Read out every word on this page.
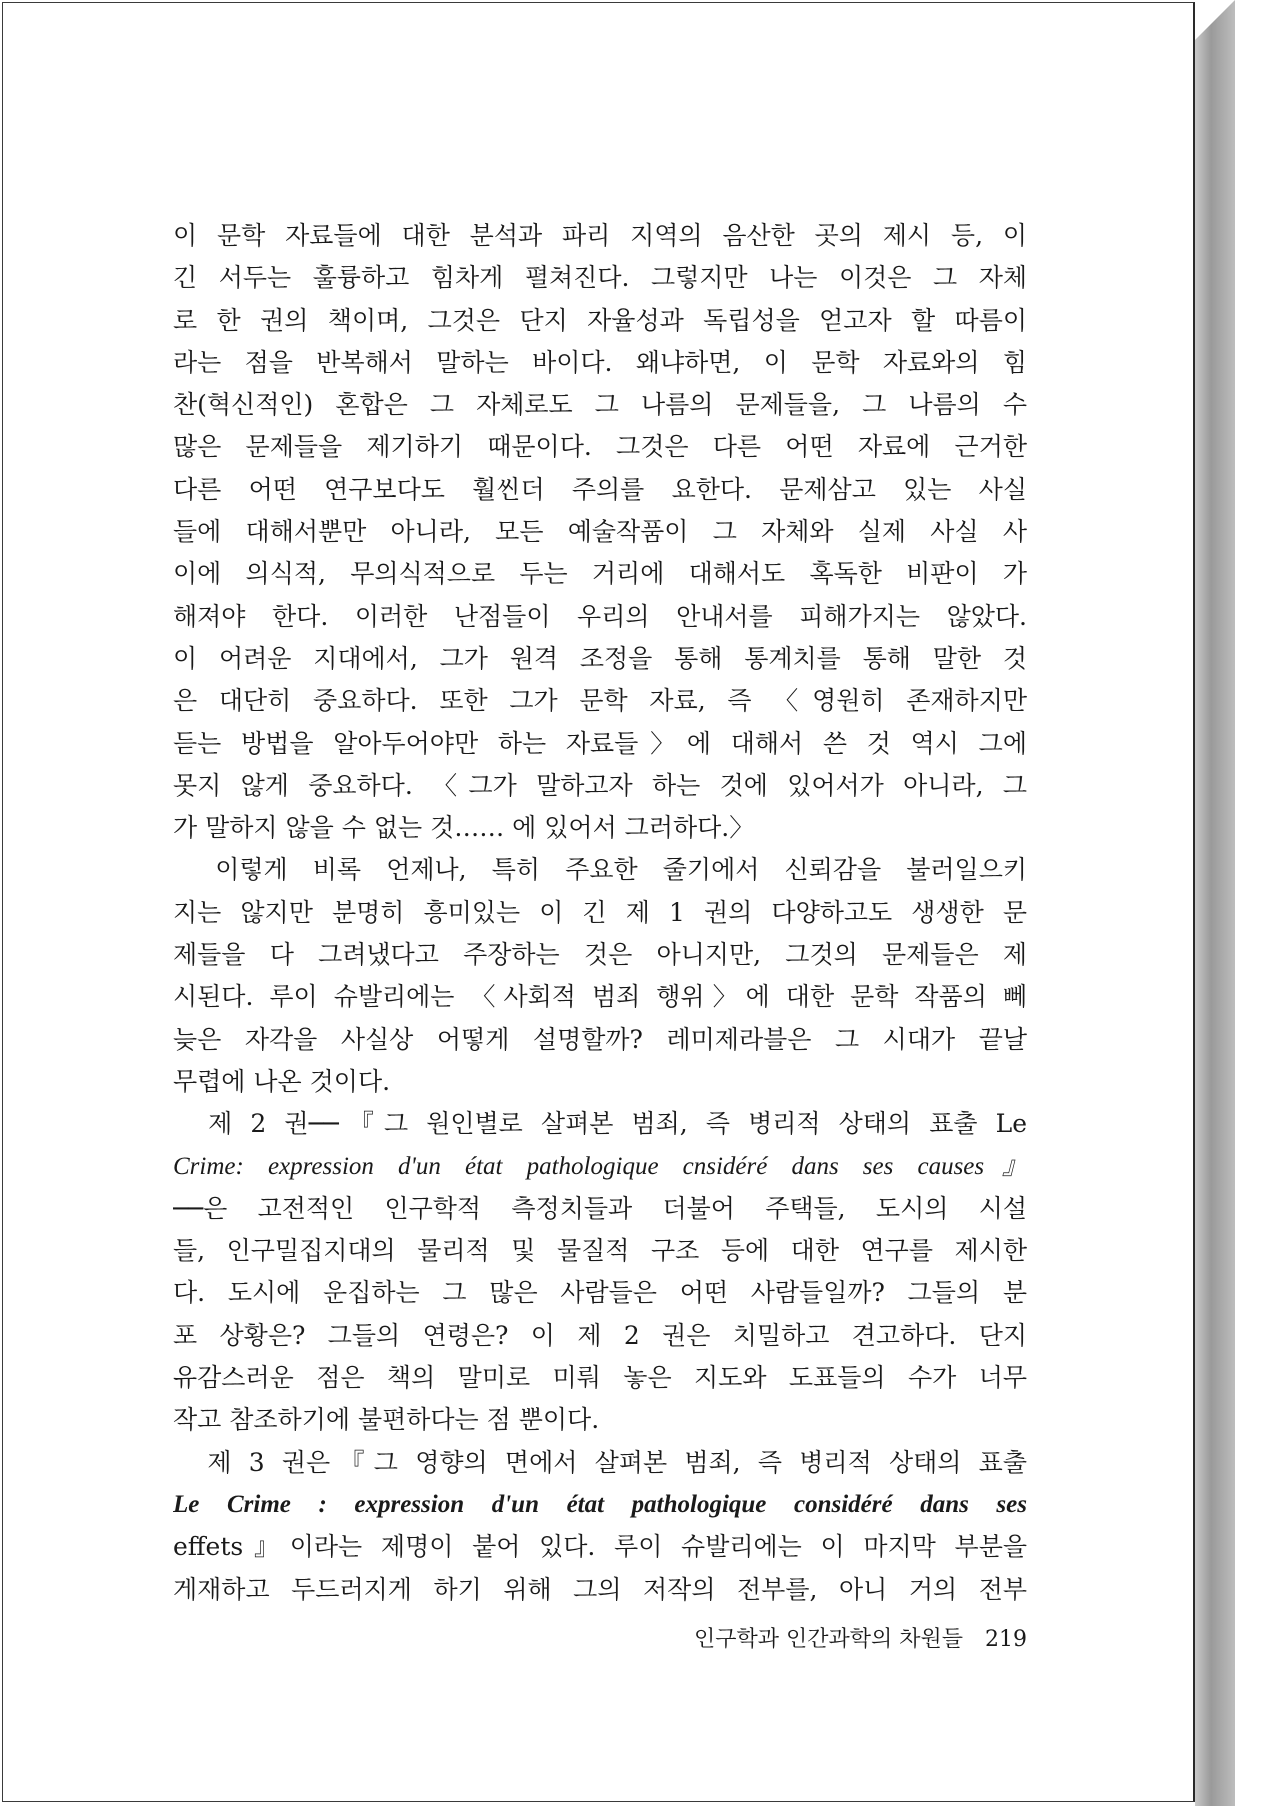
이 문학 자료들에 대한 분석과 파리 지역의 음산한 곳의 제시 등, 이
긴 서두는 훌륭하고 힘차게 펼쳐진다. 그렇지만 나는 이것은 그 자체
로 한 권의 책이며, 그것은 단지 자율성과 독립성을 얻고자 할 따름이
라는 점을 반복해서 말하는 바이다. 왜냐하면, 이 문학 자료와의 힘
찬(혁신적인) 혼합은 그 자체로도 그 나름의 문제들을, 그 나름의 수
많은 문제들을 제기하기 때문이다. 그것은 다른 어떤 자료에 근거한
다른 어떤 연구보다도 훨씬더 주의를 요한다. 문제삼고 있는 사실
들에 대해서뿐만 아니라, 모든 예술작품이 그 자체와 실제 사실 사
이에 의식적, 무의식적으로 두는 거리에 대해서도 혹독한 비판이 가
해져야 한다. 이러한 난점들이 우리의 안내서를 피해가지는 않았다.
이 어려운 지대에서, 그가 원격 조정을 통해 통계치를 통해 말한 것
은 대단히 중요하다. 또한 그가 문학 자료, 즉 〈영원히 존재하지만
듣는 방법을 알아두어야만 하는 자료들〉에 대해서 쓴 것 역시 그에
못지 않게 중요하다. 〈그가 말하고자 하는 것에 있어서가 아니라, 그
가 말하지 않을 수 없는 것…… 에 있어서 그러하다.〉
　이렇게 비록 언제나, 특히 주요한 줄기에서 신뢰감을 불러일으키
지는 않지만 분명히 흥미있는 이 긴 제 1 권의 다양하고도 생생한 문
제들을 다 그려냈다고 주장하는 것은 아니지만, 그것의 문제들은 제
시된다. 루이 슈발리에는 〈사회적 범죄 행위〉에 대한 문학 작품의 뻬
늦은 자각을 사실상 어떻게 설명할까? 레미제라블은 그 시대가 끝날
무렵에 나온 것이다.
　제 2 권──『그 원인별로 살펴본 범죄, 즉 병리적 상태의 표출 Le
Crime: expression d'un état pathologique cnsidéré dans ses causes』
──은 고전적인 인구학적 측정치들과 더불어 주택들, 도시의 시설
들, 인구밀집지대의 물리적 및 물질적 구조 등에 대한 연구를 제시한
다. 도시에 운집하는 그 많은 사람들은 어떤 사람들일까? 그들의 분
포 상황은? 그들의 연령은? 이 제 2 권은 치밀하고 견고하다. 단지
유감스러운 점은 책의 말미로 미뤄 놓은 지도와 도표들의 수가 너무
작고 참조하기에 불편하다는 점 뿐이다.
　제 3 권은『그 영향의 면에서 살펴본 범죄, 즉 병리적 상태의 표출
Le Crime : expression d'un état pathologique considéré dans ses
effets』이라는 제명이 붙어 있다. 루이 슈발리에는 이 마지막 부분을
게재하고 두드러지게 하기 위해 그의 저작의 전부를, 아니 거의 전부
인구학과 인간과학의 차원들 219
